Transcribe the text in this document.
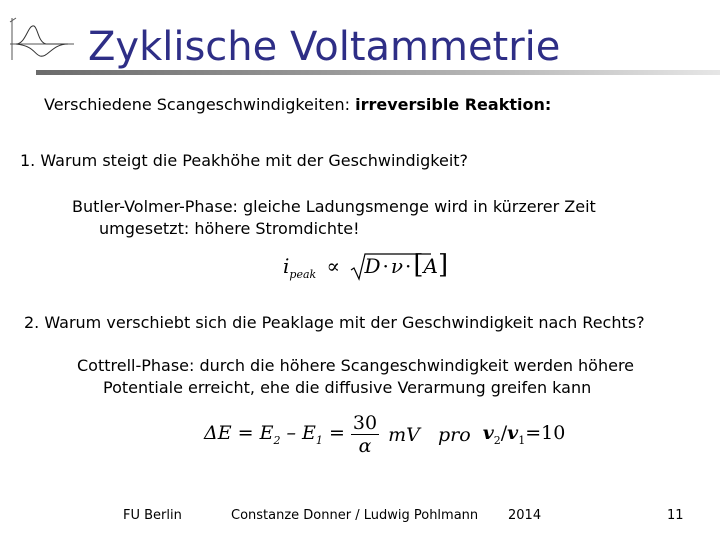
Zyklische Voltammetrie
Verschiedene Scangeschwindigkeiten: irreversible Reaktion:
1. Warum steigt die Peakhöhe mit der Geschwindigkeit?
Butler-Volmer-Phase: gleiche Ladungsmenge wird in kürzerer Zeit
umgesetzt: höhere Stromdichte!
$i_{peak} \propto D \cdot \nu \cdot[A]$
2. Warum verschiebt sich die Peaklage mit der Geschwindigkeit nach Rechts?
Cottrell-Phase: durch die höhere Scangeschwindigkeit werden höhere
Potentiale erreicht, ehe die diffusive Verarmung greifen kann
$\Delta E = E_2 - E_1 = \frac{30}{\alpha}$ mV pro $v_2/v_1=10$
FU Berlin	Constanze Donner / Ludwig Pohlmann 2014	11
